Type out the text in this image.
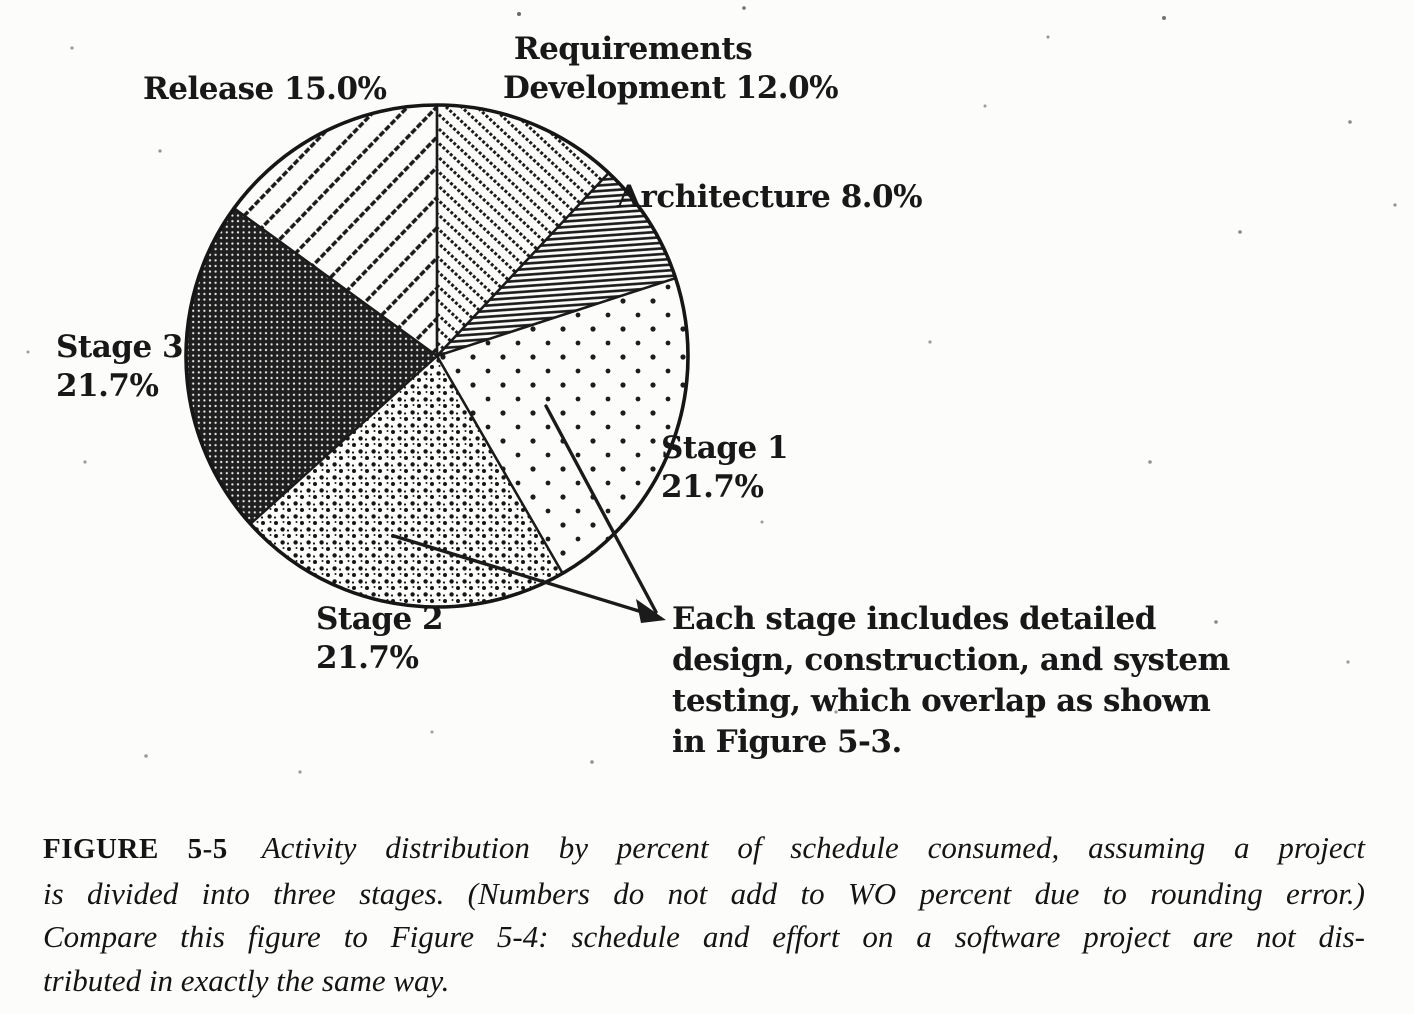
Requirements
Development 12.0%
Release 15.0%
Architecture 8.0%
Stage 3
21.7%
Stage 1
21.7%
Stage 2
21.7%
Each stage includes detailed
design, construction, and system
testing, which overlap as shown
in Figure 5-3.
FIGURE 5-5 Activity distribution by percent of schedule consumed, assuming a project
is divided into three stages. (Numbers do not add to WO percent due to rounding error.)
Compare this figure to Figure 5-4: schedule and effort on a software project are not dis-
tributed in exactly the same way.
